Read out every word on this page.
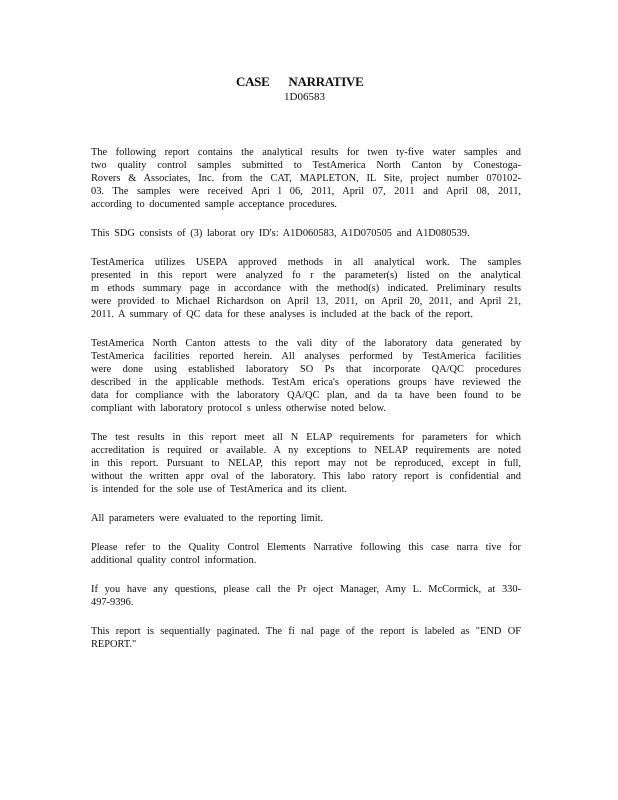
CASE NARRATIVE
1D06583

The following report contains the analytical results for twen ty-five water samples and
two quality control samples submitted to TestAmerica North Canton by Conestoga-
Rovers & Associates, Inc. from the CAT, MAPLETON, IL Site, project number 070102-
03. The samples were received Apri l 06, 2011, April 07, 2011 and April 08, 2011,
according to documented sample acceptance procedures.

This SDG consists of (3) laborat ory ID's: A1D060583, A1D070505 and A1D080539.

TestAmerica utilizes USEPA approved methods in all analytical work. The samples
presented in this report were analyzed fo r the parameter(s) listed on the analytical
m ethods summary page in accordance with the method(s) indicated. Preliminary results
were provided to Michael Richardson on April 13, 2011, on April 20, 2011, and April 21,
2011. A summary of QC data for these analyses is included at the back of the report.

TestAmerica North Canton attests to the vali dity of the laboratory data generated by
TestAmerica facilities reported herein. All analyses performed by TestAmerica facilities
were done using established laboratory SO Ps that incorporate QA/QC procedures
described in the applicable methods. TestAm erica's operations groups have reviewed the
data for compliance with the laboratory QA/QC plan, and da ta have been found to be
compliant with laboratory protocol s unless otherwise noted below.

The test results in this report meet all N ELAP requirements for parameters for which
accreditation is required or available. A ny exceptions to NELAP requirements are noted
in this report. Pursuant to NELAP, this report may not be reproduced, except in full,
without the written appr oval of the laboratory. This labo ratory report is confidential and
is intended for the sole use of TestAmerica and its client.

All parameters were evaluated to the reporting limit.

Please refer to the Quality Control Elements Narrative following this case narra tive for
additional quality control information.

If you have any questions, please call the Pr oject Manager, Amy L. McCormick, at 330-
497-9396.

This report is sequentially paginated. The fi nal page of the report is labeled as "END OF
REPORT."
